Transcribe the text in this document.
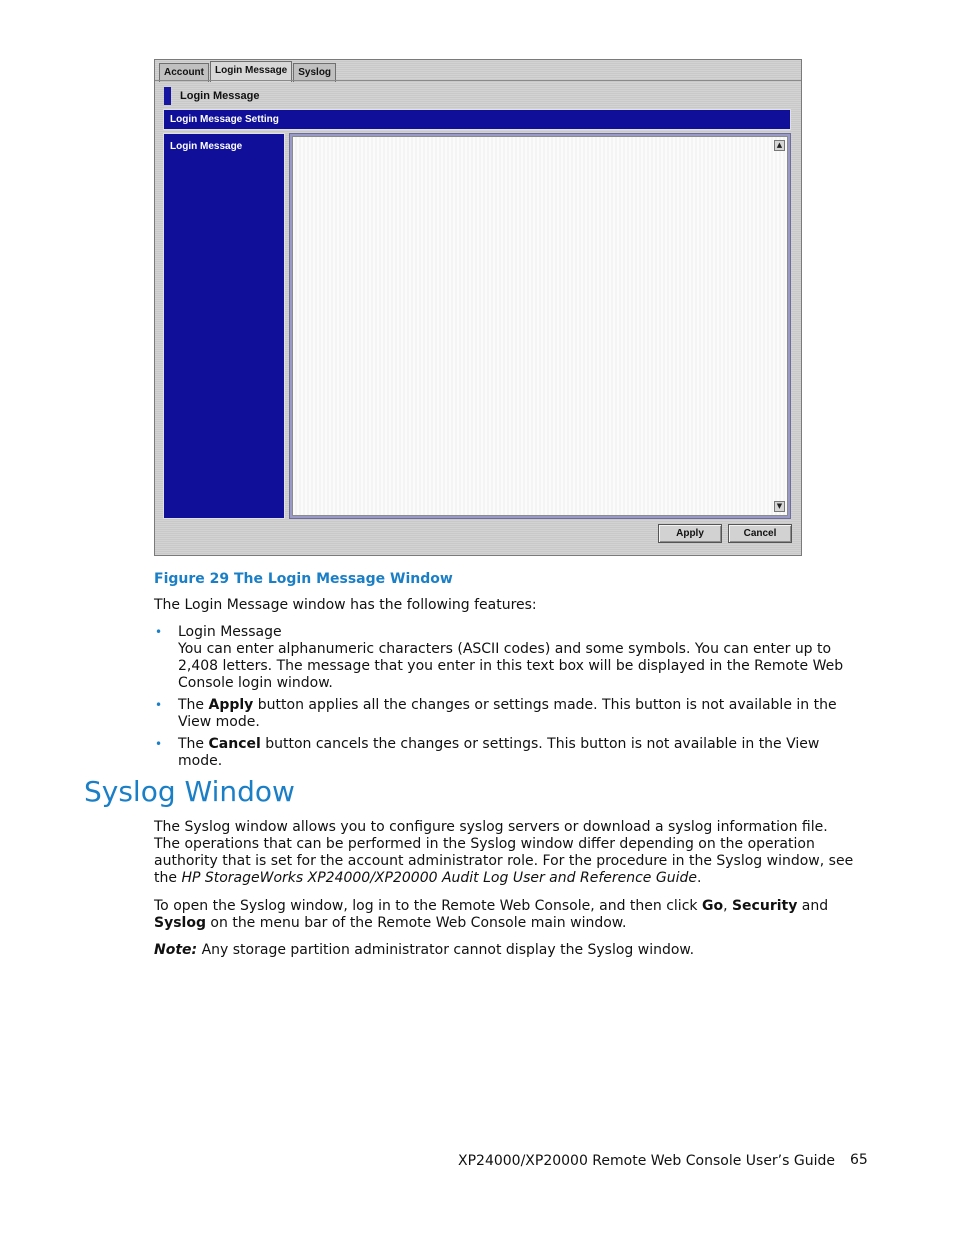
Account	Login Message	Syslog
Login Message
Login Message Setting
Login Message	▲
▼
Apply	Cancel
Figure 29 The Login Message Window
The Login Message window has the following features:
• Login Message
You can enter alphanumeric characters (ASCII codes) and some symbols. You can enter up to 2,408 letters. The message that you enter in this text box will be displayed in the Remote Web Console login window.
• The Apply button applies all the changes or settings made. This button is not available in the View mode.
• The Cancel button cancels the changes or settings. This button is not available in the View mode.
Syslog Window
The Syslog window allows you to configure syslog servers or download a syslog information file. The operations that can be performed in the Syslog window differ depending on the operation authority that is set for the account administrator role. For the procedure in the Syslog window, see the HP StorageWorks XP24000/XP20000 Audit Log User and Reference Guide.
To open the Syslog window, log in to the Remote Web Console, and then click Go, Security and Syslog on the menu bar of the Remote Web Console main window.
Note: Any storage partition administrator cannot display the Syslog window.
XP24000/XP20000 Remote Web Console User’s Guide 65
